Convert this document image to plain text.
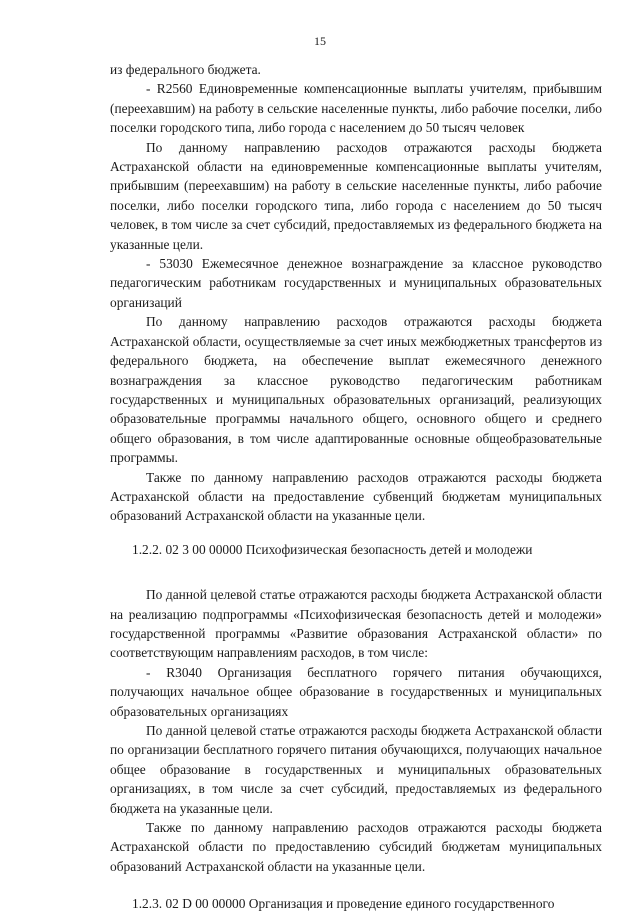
15

из федерального бюджета.

- R2560 Единовременные компенсационные выплаты учителям, прибывшим (переехавшим) на работу в сельские населенные пункты, либо рабочие поселки, либо поселки городского типа, либо города с населением до 50 тысяч человек

По данному направлению расходов отражаются расходы бюджета Астраханской области на единовременные компенсационные выплаты учителям, прибывшим (переехавшим) на работу в сельские населенные пункты, либо рабочие поселки, либо поселки городского типа, либо города с населением до 50 тысяч человек, в том числе за счет субсидий, предоставляемых из федерального бюджета на указанные цели.

- 53030 Ежемесячное денежное вознаграждение за классное руководство педагогическим работникам государственных и муниципальных образовательных организаций

По данному направлению расходов отражаются расходы бюджета Астраханской области, осуществляемые за счет иных межбюджетных трансфертов из федерального бюджета, на обеспечение выплат ежемесячного денежного вознаграждения за классное руководство педагогическим работникам государственных и муниципальных образовательных организаций, реализующих образовательные программы начального общего, основного общего и среднего общего образования, в том числе адаптированные основные общеобразовательные программы.

Также по данному направлению расходов отражаются расходы бюджета Астраханской области на предоставление субвенций бюджетам муниципальных образований Астраханской области на указанные цели.

1.2.2. 02 3 00 00000 Психофизическая безопасность детей и молодежи

По данной целевой статье отражаются расходы бюджета Астраханской области на реализацию подпрограммы «Психофизическая безопасность детей и молодежи» государственной программы «Развитие образования Астраханской области» по соответствующим направлениям расходов, в том числе:

- R3040 Организация бесплатного горячего питания обучающихся, получающих начальное общее образование в государственных и муниципальных образовательных организациях

По данной целевой статье отражаются расходы бюджета Астраханской области по организации бесплатного горячего питания обучающихся, получающих начальное общее образование в государственных и муниципальных образовательных организациях, в том числе за счет субсидий, предоставляемых из федерального бюджета на указанные цели.

Также по данному направлению расходов отражаются расходы бюджета Астраханской области по предоставлению субсидий бюджетам муниципальных образований Астраханской области на указанные цели.

1.2.3. 02 D 00 00000 Организация и проведение единого государственного
